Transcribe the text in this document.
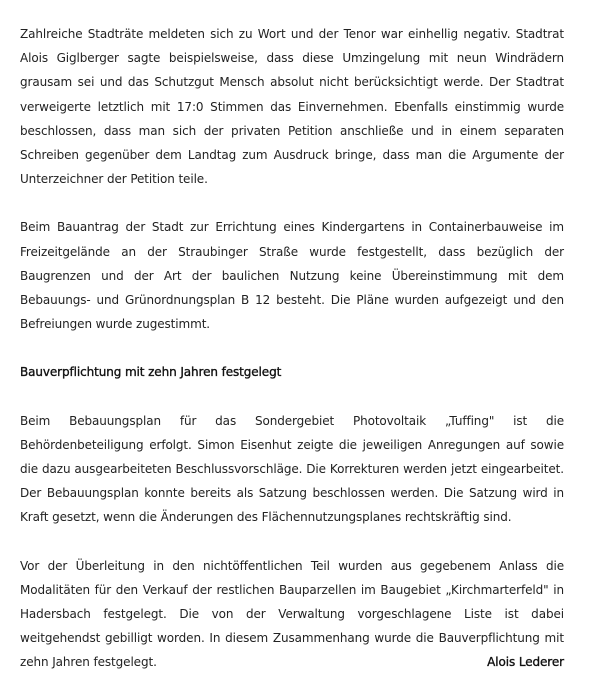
Zahlreiche Stadträte meldeten sich zu Wort und der Tenor war einhellig negativ. Stadtrat Alois Giglberger sagte beispielsweise, dass diese Umzingelung mit neun Windrädern grausam sei und das Schutzgut Mensch absolut nicht berücksichtigt werde. Der Stadtrat verweigerte letztlich mit 17:0 Stimmen das Einvernehmen. Ebenfalls einstimmig wurde beschlossen, dass man sich der privaten Petition anschließe und in einem separaten Schreiben gegenüber dem Landtag zum Ausdruck bringe, dass man die Argumente der Unterzeichner der Petition teile.

Beim Bauantrag der Stadt zur Errichtung eines Kindergartens in Containerbauweise im Freizeitgelände an der Straubinger Straße wurde festgestellt, dass bezüglich der Baugrenzen und der Art der baulichen Nutzung keine Übereinstimmung mit dem Bebauungs- und Grünordnungsplan B 12 besteht. Die Pläne wurden aufgezeigt und den Befreiungen wurde zugestimmt.

Bauverpflichtung mit zehn Jahren festgelegt

Beim Bebauungsplan für das Sondergebiet Photovoltaik „Tuffing" ist die Behördenbeteiligung erfolgt. Simon Eisenhut zeigte die jeweiligen Anregungen auf sowie die dazu ausgearbeiteten Beschlussvorschläge. Die Korrekturen werden jetzt eingearbeitet. Der Bebauungsplan konnte bereits als Satzung beschlossen werden. Die Satzung wird in Kraft gesetzt, wenn die Änderungen des Flächennutzungsplanes rechtskräftig sind.

Vor der Überleitung in den nichtöffentlichen Teil wurden aus gegebenem Anlass die Modalitäten für den Verkauf der restlichen Bauparzellen im Baugebiet „Kirchmarterfeld" in Hadersbach festgelegt. Die von der Verwaltung vorgeschlagene Liste ist dabei weitgehendst gebilligt worden. In diesem Zusammenhang wurde die Bauverpflichtung mit zehn Jahren festgelegt.	Alois Lederer
